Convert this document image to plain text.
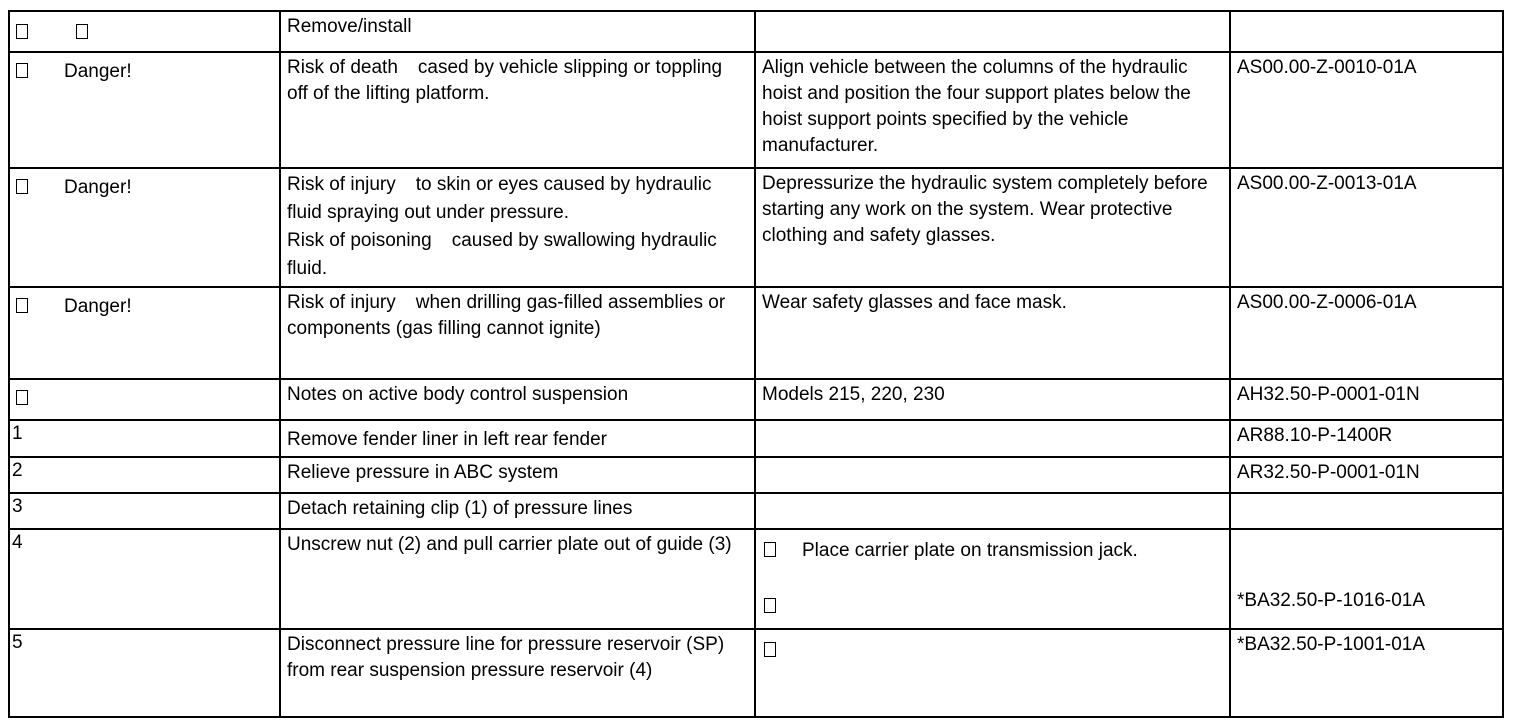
	Remove/install		

Danger!	Risk of death cased by vehicle slipping or toppling off of the lifting platform.	Align vehicle between the columns of the hydraulic hoist and position the four support plates below the hoist support points specified by the vehicle manufacturer.	AS00.00-Z-0010-01A

Danger!	Risk of injury to skin or eyes caused by hydraulic fluid spraying out under pressure.
Risk of poisoning caused by swallowing hydraulic fluid.	Depressurize the hydraulic system completely before starting any work on the system. Wear protective clothing and safety glasses.	AS00.00-Z-0013-01A

Danger!	Risk of injury when drilling gas-filled assemblies or components (gas filling cannot ignite)	Wear safety glasses and face mask.	AS00.00-Z-0006-01A

	Notes on active body control suspension	Models 215, 220, 230	AH32.50-P-0001-01N

1	Remove fender liner in left rear fender		AR88.10-P-1400R

2	Relieve pressure in ABC system		AR32.50-P-0001-01N

3	Detach retaining clip (1) of pressure lines		

4	Unscrew nut (2) and pull carrier plate out of guide (3)	Place carrier plate on transmission jack.	*BA32.50-P-1016-01A

5	Disconnect pressure line for pressure reservoir (SP) from rear suspension pressure reservoir (4)		*BA32.50-P-1001-01A
